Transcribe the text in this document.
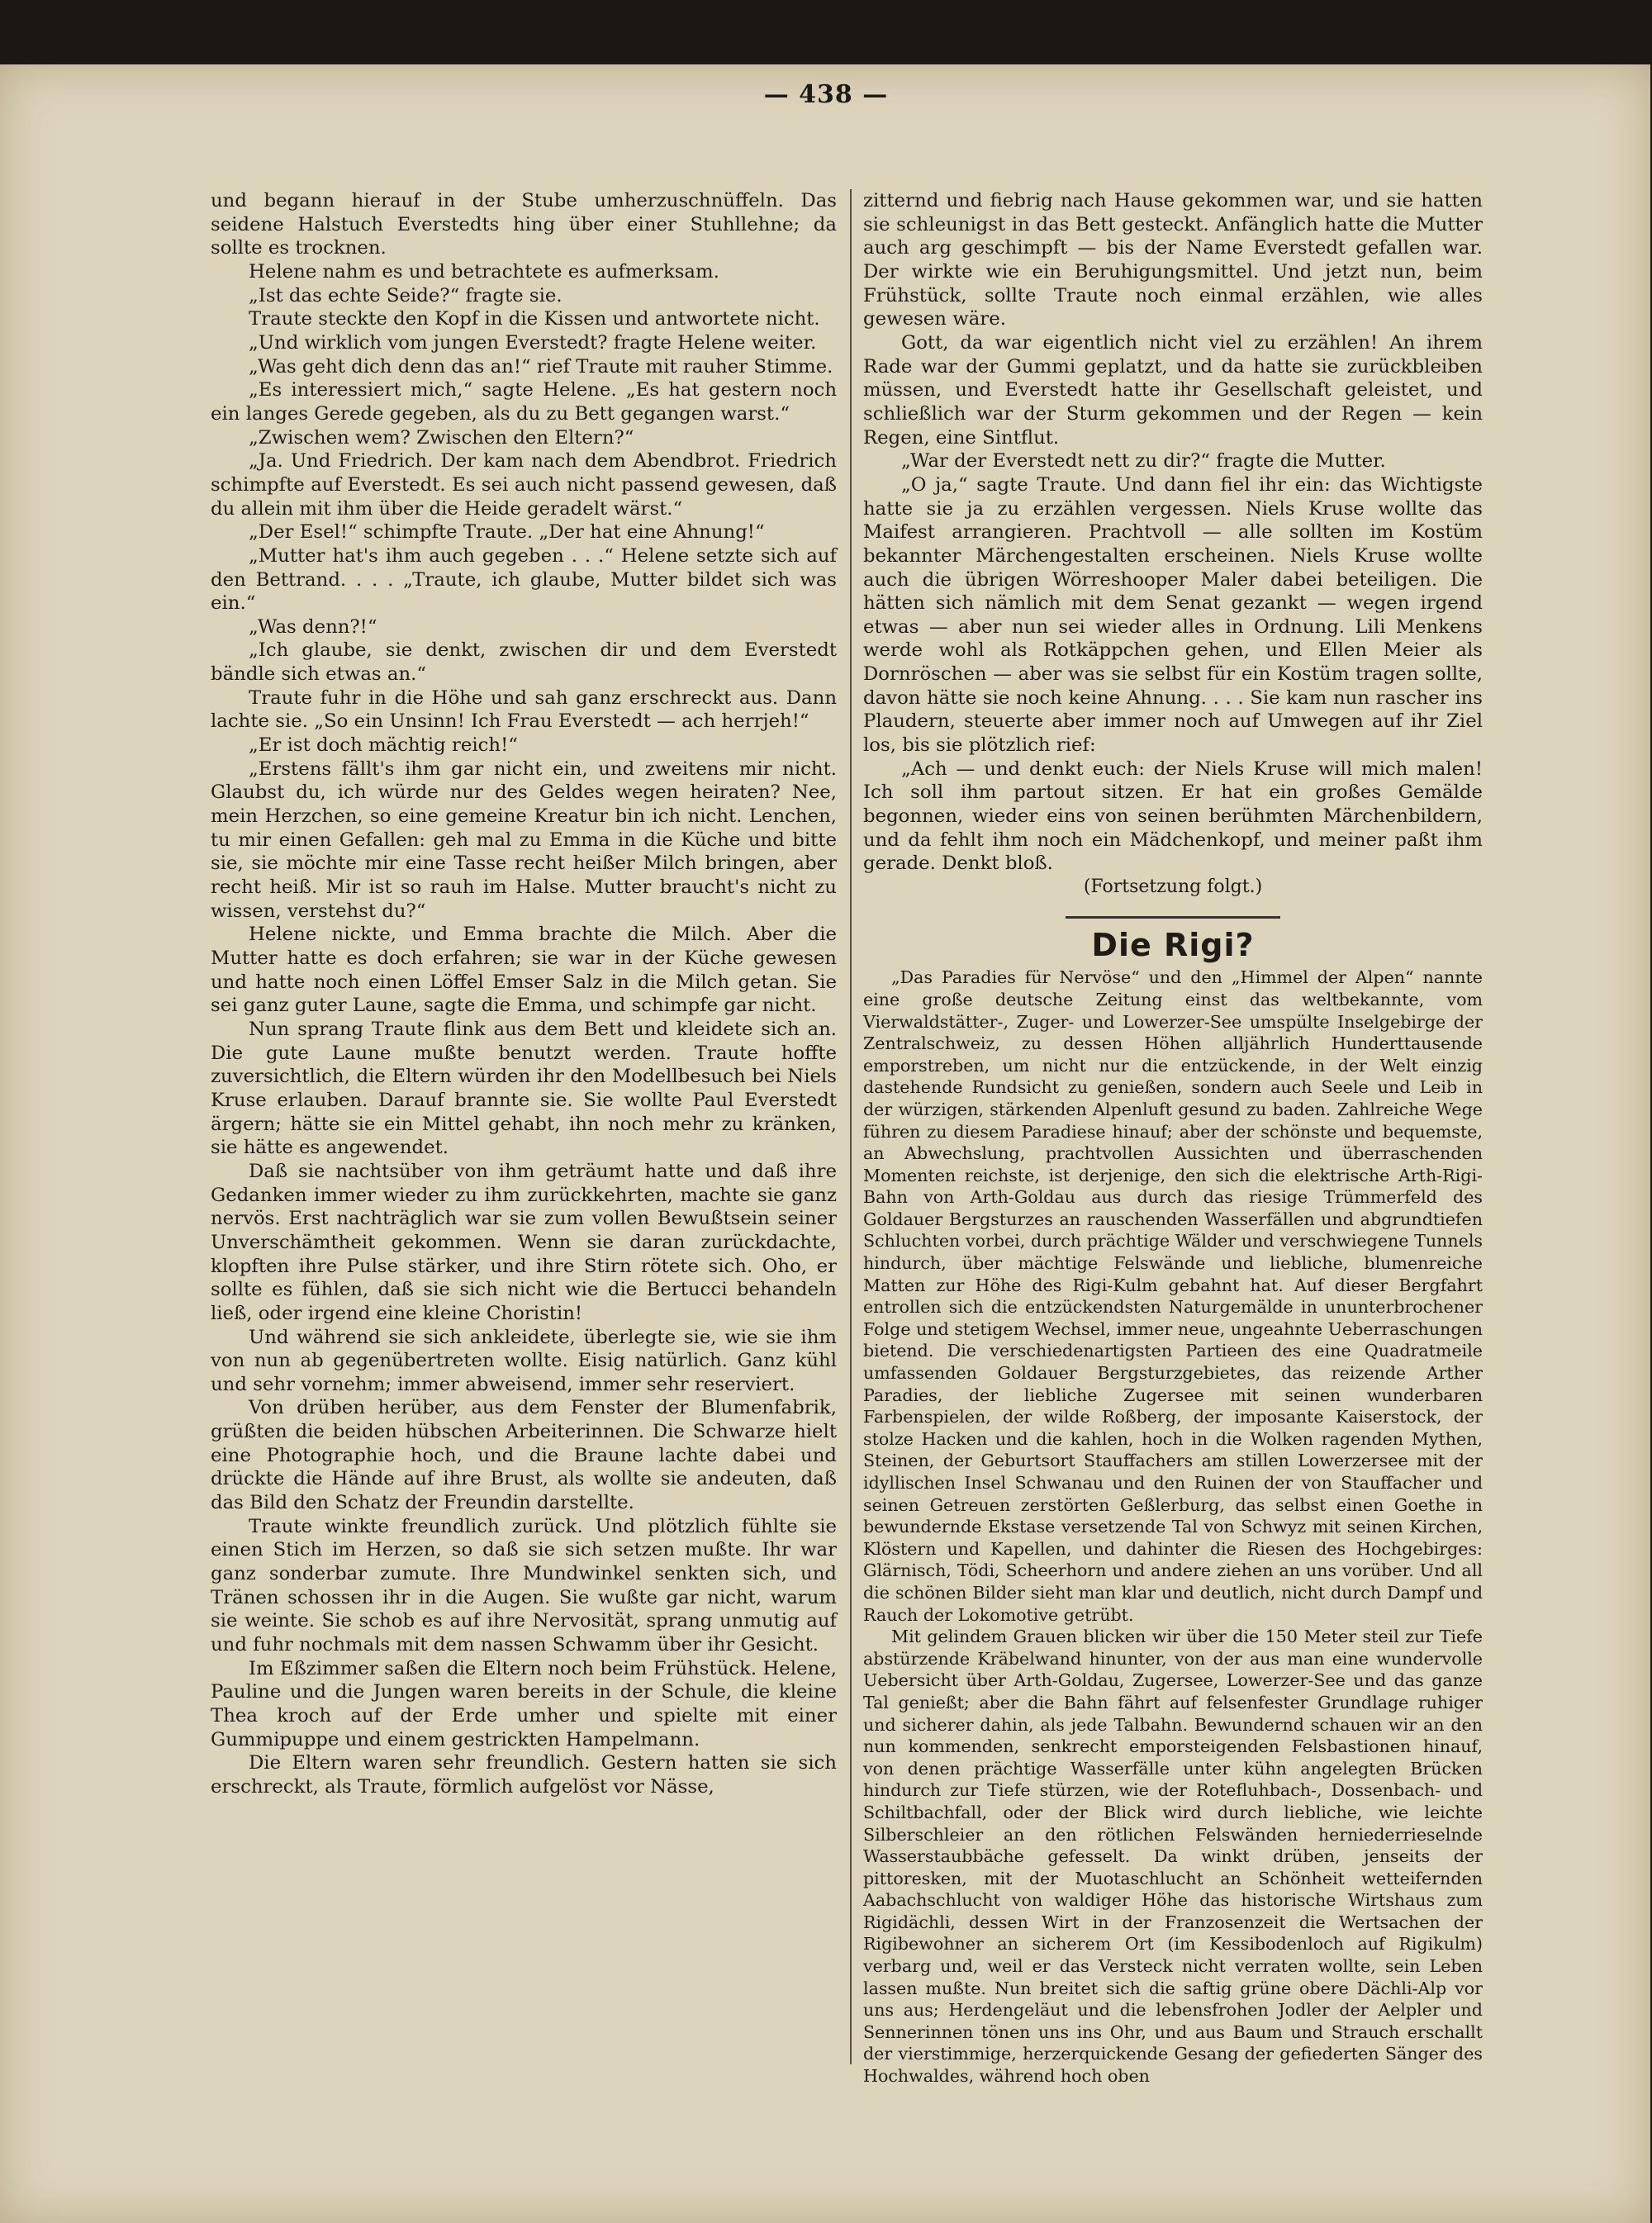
— 438 —

und begann hierauf in der Stube umherzuschnüffeln. Das seidene Halstuch Everstedts hing über einer Stuhllehne; da sollte es trocknen.

Helene nahm es und betrachtete es aufmerksam.

„Ist das echte Seide?“ fragte sie.

Traute steckte den Kopf in die Kissen und antwortete nicht.

„Und wirklich vom jungen Everstedt? fragte Helene weiter.

„Was geht dich denn das an!“ rief Traute mit rauher Stimme.

„Es interessiert mich,“ sagte Helene. „Es hat gestern noch ein langes Gerede gegeben, als du zu Bett gegangen warst.“

„Zwischen wem? Zwischen den Eltern?“

„Ja. Und Friedrich. Der kam nach dem Abendbrot. Friedrich schimpfte auf Everstedt. Es sei auch nicht passend gewesen, daß du allein mit ihm über die Heide geradelt wärst.“

„Der Esel!“ schimpfte Traute. „Der hat eine Ahnung!“

„Mutter hat's ihm auch gegeben . . .“ Helene setzte sich auf den Bettrand. . . . „Traute, ich glaube, Mutter bildet sich was ein.“

„Was denn?!“

„Ich glaube, sie denkt, zwischen dir und dem Everstedt bändle sich etwas an.“

Traute fuhr in die Höhe und sah ganz erschreckt aus. Dann lachte sie. „So ein Unsinn! Ich Frau Everstedt — ach herrjeh!“

„Er ist doch mächtig reich!“

„Erstens fällt's ihm gar nicht ein, und zweitens mir nicht. Glaubst du, ich würde nur des Geldes wegen heiraten? Nee, mein Herzchen, so eine gemeine Kreatur bin ich nicht. Lenchen, tu mir einen Gefallen: geh mal zu Emma in die Küche und bitte sie, sie möchte mir eine Tasse recht heißer Milch bringen, aber recht heiß. Mir ist so rauh im Halse. Mutter braucht's nicht zu wissen, verstehst du?“

Helene nickte, und Emma brachte die Milch. Aber die Mutter hatte es doch erfahren; sie war in der Küche gewesen und hatte noch einen Löffel Emser Salz in die Milch getan. Sie sei ganz guter Laune, sagte die Emma, und schimpfe gar nicht.

Nun sprang Traute flink aus dem Bett und kleidete sich an. Die gute Laune mußte benutzt werden. Traute hoffte zuversichtlich, die Eltern würden ihr den Modellbesuch bei Niels Kruse erlauben. Darauf brannte sie. Sie wollte Paul Everstedt ärgern; hätte sie ein Mittel gehabt, ihn noch mehr zu kränken, sie hätte es angewendet.

Daß sie nachtsüber von ihm geträumt hatte und daß ihre Gedanken immer wieder zu ihm zurückkehrten, machte sie ganz nervös. Erst nachträglich war sie zum vollen Bewußtsein seiner Unverschämtheit gekommen. Wenn sie daran zurückdachte, klopften ihre Pulse stärker, und ihre Stirn rötete sich. Oho, er sollte es fühlen, daß sie sich nicht wie die Bertucci behandeln ließ, oder irgend eine kleine Choristin!

Und während sie sich ankleidete, überlegte sie, wie sie ihm von nun ab gegenübertreten wollte. Eisig natürlich. Ganz kühl und sehr vornehm; immer abweisend, immer sehr reserviert.

Von drüben herüber, aus dem Fenster der Blumenfabrik, grüßten die beiden hübschen Arbeiterinnen. Die Schwarze hielt eine Photographie hoch, und die Braune lachte dabei und drückte die Hände auf ihre Brust, als wollte sie andeuten, daß das Bild den Schatz der Freundin darstellte.

Traute winkte freundlich zurück. Und plötzlich fühlte sie einen Stich im Herzen, so daß sie sich setzen mußte. Ihr war ganz sonderbar zumute. Ihre Mundwinkel senkten sich, und Tränen schossen ihr in die Augen. Sie wußte gar nicht, warum sie weinte. Sie schob es auf ihre Nervosität, sprang unmutig auf und fuhr nochmals mit dem nassen Schwamm über ihr Gesicht.

Im Eßzimmer saßen die Eltern noch beim Frühstück. Helene, Pauline und die Jungen waren bereits in der Schule, die kleine Thea kroch auf der Erde umher und spielte mit einer Gummipuppe und einem gestrickten Hampelmann.

Die Eltern waren sehr freundlich. Gestern hatten sie sich erschreckt, als Traute, förmlich aufgelöst vor Nässe,

zitternd und fiebrig nach Hause gekommen war, und sie hatten sie schleunigst in das Bett gesteckt. Anfänglich hatte die Mutter auch arg geschimpft — bis der Name Everstedt gefallen war. Der wirkte wie ein Beruhigungsmittel. Und jetzt nun, beim Frühstück, sollte Traute noch einmal erzählen, wie alles gewesen wäre.

Gott, da war eigentlich nicht viel zu erzählen! An ihrem Rade war der Gummi geplatzt, und da hatte sie zurückbleiben müssen, und Everstedt hatte ihr Gesellschaft geleistet, und schließlich war der Sturm gekommen und der Regen — kein Regen, eine Sintflut.

„War der Everstedt nett zu dir?“ fragte die Mutter.

„O ja,“ sagte Traute. Und dann fiel ihr ein: das Wichtigste hatte sie ja zu erzählen vergessen. Niels Kruse wollte das Maifest arrangieren. Prachtvoll — alle sollten im Kostüm bekannter Märchengestalten erscheinen. Niels Kruse wollte auch die übrigen Wörreshooper Maler dabei beteiligen. Die hätten sich nämlich mit dem Senat gezankt — wegen irgend etwas — aber nun sei wieder alles in Ordnung. Lili Menkens werde wohl als Rotkäppchen gehen, und Ellen Meier als Dornröschen — aber was sie selbst für ein Kostüm tragen sollte, davon hätte sie noch keine Ahnung. . . . Sie kam nun rascher ins Plaudern, steuerte aber immer noch auf Umwegen auf ihr Ziel los, bis sie plötzlich rief:

„Ach — und denkt euch: der Niels Kruse will mich malen! Ich soll ihm partout sitzen. Er hat ein großes Gemälde begonnen, wieder eins von seinen berühmten Märchenbildern, und da fehlt ihm noch ein Mädchenkopf, und meiner paßt ihm gerade. Denkt bloß.

(Fortsetzung folgt.)

Die Rigi?

„Das Paradies für Nervöse“ und den „Himmel der Alpen“ nannte eine große deutsche Zeitung einst das weltbekannte, vom Vierwaldstätter-, Zuger- und Lowerzer-See umspülte Inselgebirge der Zentralschweiz, zu dessen Höhen alljährlich Hunderttausende emporstreben, um nicht nur die entzückende, in der Welt einzig dastehende Rundsicht zu genießen, sondern auch Seele und Leib in der würzigen, stärkenden Alpenluft gesund zu baden. Zahlreiche Wege führen zu diesem Paradiese hinauf; aber der schönste und bequemste, an Abwechslung, prachtvollen Aussichten und überraschenden Momenten reichste, ist derjenige, den sich die elektrische Arth-Rigi-Bahn von Arth-Goldau aus durch das riesige Trümmerfeld des Goldauer Bergsturzes an rauschenden Wasserfällen und abgrundtiefen Schluchten vorbei, durch prächtige Wälder und verschwiegene Tunnels hindurch, über mächtige Felswände und liebliche, blumenreiche Matten zur Höhe des Rigi-Kulm gebahnt hat. Auf dieser Bergfahrt entrollen sich die entzückendsten Naturgemälde in ununterbrochener Folge und stetigem Wechsel, immer neue, ungeahnte Ueberraschungen bietend. Die verschiedenartigsten Partieen des eine Quadratmeile umfassenden Goldauer Bergsturzgebietes, das reizende Arther Paradies, der liebliche Zugersee mit seinen wunderbaren Farbenspielen, der wilde Roßberg, der imposante Kaiserstock, der stolze Hacken und die kahlen, hoch in die Wolken ragenden Mythen, Steinen, der Geburtsort Stauffachers am stillen Lowerzersee mit der idyllischen Insel Schwanau und den Ruinen der von Stauffacher und seinen Getreuen zerstörten Geßlerburg, das selbst einen Goethe in bewundernde Ekstase versetzende Tal von Schwyz mit seinen Kirchen, Klöstern und Kapellen, und dahinter die Riesen des Hochgebirges: Glärnisch, Tödi, Scheerhorn und andere ziehen an uns vorüber. Und all die schönen Bilder sieht man klar und deutlich, nicht durch Dampf und Rauch der Lokomotive getrübt.

Mit gelindem Grauen blicken wir über die 150 Meter steil zur Tiefe abstürzende Kräbelwand hinunter, von der aus man eine wundervolle Uebersicht über Arth-Goldau, Zugersee, Lowerzer-See und das ganze Tal genießt; aber die Bahn fährt auf felsenfester Grundlage ruhiger und sicherer dahin, als jede Talbahn. Bewundernd schauen wir an den nun kommenden, senkrecht emporsteigenden Felsbastionen hinauf, von denen prächtige Wasserfälle unter kühn angelegten Brücken hindurch zur Tiefe stürzen, wie der Rotefluhbach-, Dossenbach- und Schiltbachfall, oder der Blick wird durch liebliche, wie leichte Silberschleier an den rötlichen Felswänden herniederrieselnde Wasserstaubbäche gefesselt. Da winkt drüben, jenseits der pittoresken, mit der Muotaschlucht an Schönheit wetteifernden Aabachschlucht von waldiger Höhe das historische Wirtshaus zum Rigidächli, dessen Wirt in der Franzosenzeit die Wertsachen der Rigibewohner an sicherem Ort (im Kessibodenloch auf Rigikulm) verbarg und, weil er das Versteck nicht verraten wollte, sein Leben lassen mußte. Nun breitet sich die saftig grüne obere Dächli-Alp vor uns aus; Herdengeläut und die lebensfrohen Jodler der Aelpler und Sennerinnen tönen uns ins Ohr, und aus Baum und Strauch erschallt der vierstimmige, herzerquickende Gesang der gefiederten Sänger des Hochwaldes, während hoch oben
